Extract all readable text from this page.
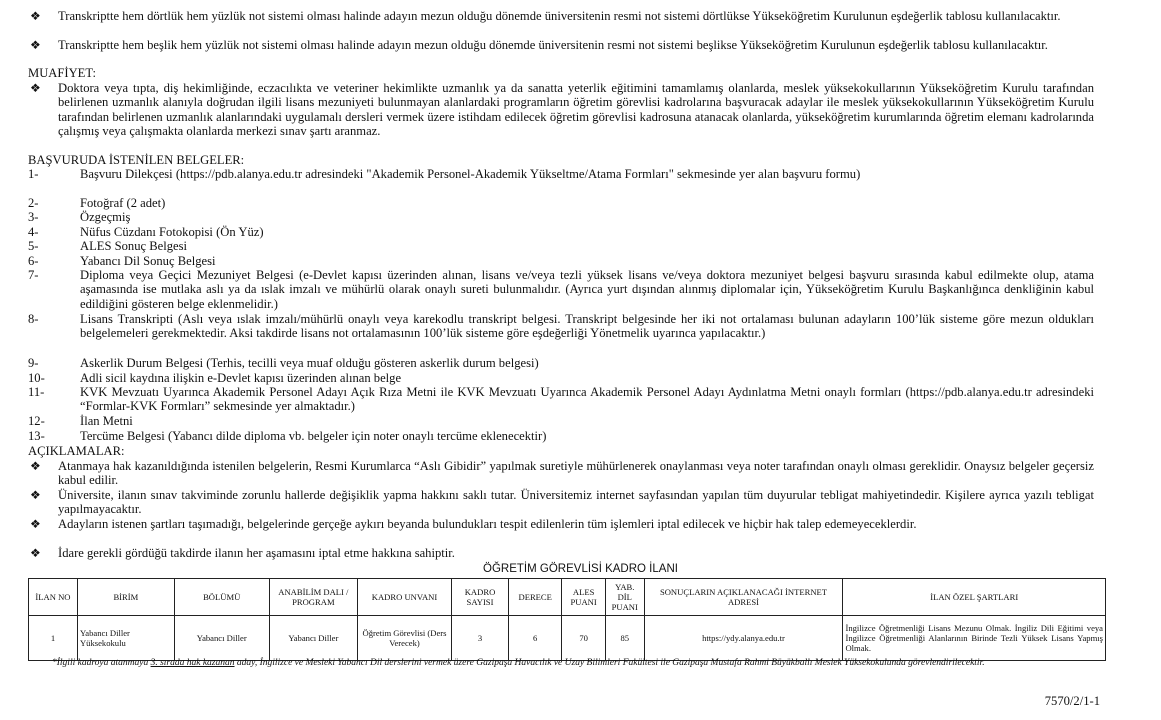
❖ Transkriptte hem dörtlük hem yüzlük not sistemi olması halinde adayın mezun olduğu dönemde üniversitenin resmi not sistemi dörtlükse Yükseköğretim Kurulunun eşdeğerlik tablosu kullanılacaktır.
❖ Transkriptte hem beşlik hem yüzlük not sistemi olması halinde adayın mezun olduğu dönemde üniversitenin resmi not sistemi beşlikse Yükseköğretim Kurulunun eşdeğerlik tablosu kullanılacaktır.
MUAFİYET:
❖ Doktora veya tıpta, diş hekimliğinde, eczacılıkta ve veteriner hekimlikte uzmanlık ya da sanatta yeterlik eğitimini tamamlamış olanlarda, meslek yüksekokullarının Yükseköğretim Kurulu tarafından belirlenen uzmanlık alanıyla doğrudan ilgili lisans mezuniyeti bulunmayan alanlardaki programların öğretim görevlisi kadrolarına başvuracak adaylar ile meslek yüksekokullarının Yükseköğretim Kurulu tarafından belirlenen uzmanlık alanlarındaki uygulamalı dersleri vermek üzere istihdam edilecek öğretim görevlisi kadrosuna atanacak olanlarda, yükseköğretim kurumlarında öğretim elemanı kadrolarında çalışmış veya çalışmakta olanlarda merkezi sınav şartı aranmaz.
BAŞVURUDA İSTENİLEN BELGELER:
1-	Başvuru Dilekçesi (https://pdb.alanya.edu.tr adresindeki "Akademik Personel-Akademik Yükseltme/Atama Formları" sekmesinde yer alan başvuru formu)
2-	Fotoğraf (2 adet)
3-	Özgeçmiş
4-	Nüfus Cüzdanı Fotokopisi (Ön Yüz)
5-	ALES Sonuç Belgesi
6-	Yabancı Dil Sonuç Belgesi
7-	Diploma veya Geçici Mezuniyet Belgesi (e-Devlet kapısı üzerinden alınan, lisans ve/veya tezli yüksek lisans ve/veya doktora mezuniyet belgesi başvuru sırasında kabul edilmekte olup, atama aşamasında ise mutlaka aslı ya da ıslak imzalı ve mühürlü olarak onaylı sureti bulunmalıdır. (Ayrıca yurt dışından alınmış diplomalar için, Yükseköğretim Kurulu Başkanlığınca denkliğinin kabul edildiğini gösteren belge eklenmelidir.)
8-	Lisans Transkripti (Aslı veya ıslak imzalı/mühürlü onaylı veya karekodlu transkript belgesi. Transkript belgesinde her iki not ortalaması bulunan adayların 100’lük sisteme göre mezun oldukları belgelemeleri gerekmektedir. Aksi takdirde lisans not ortalamasının 100’lük sisteme göre eşdeğerliği Yönetmelik uyarınca yapılacaktır.)
9-	Askerlik Durum Belgesi (Terhis, tecilli veya muaf olduğu gösteren askerlik durum belgesi)
10-	Adli sicil kaydına ilişkin e-Devlet kapısı üzerinden alınan belge
11-	KVK Mevzuatı Uyarınca Akademik Personel Adayı Açık Rıza Metni ile KVK Mevzuatı Uyarınca Akademik Personel Adayı Aydınlatma Metni onaylı formları (https://pdb.alanya.edu.tr adresindeki “Formlar-KVK Formları” sekmesinde yer almaktadır.)
12-	İlan Metni
13-	Tercüme Belgesi (Yabancı dilde diploma vb. belgeler için noter onaylı tercüme eklenecektir)
AÇIKLAMALAR:
❖ Atanmaya hak kazanıldığında istenilen belgelerin, Resmi Kurumlarca “Aslı Gibidir” yapılmak suretiyle mühürlenerek onaylanması veya noter tarafından onaylı olması gereklidir. Onaysız belgeler geçersiz kabul edilir.
❖ Üniversite, ilanın sınav takviminde zorunlu hallerde değişiklik yapma hakkını saklı tutar. Üniversitemiz internet sayfasından yapılan tüm duyurular tebligat mahiyetindedir. Kişilere ayrıca yazılı tebligat yapılmayacaktır.
❖ Adayların istenen şartları taşımadığı, belgelerinde gerçeğe aykırı beyanda bulundukları tespit edilenlerin tüm işlemleri iptal edilecek ve hiçbir hak talep edemeyeceklerdir.
❖ İdare gerekli gördüğü takdirde ilanın her aşamasını iptal etme hakkına sahiptir.
ÖĞRETİM GÖREVLİSİ KADRO İLANI
İLAN NO	BİRİM	BÖLÜMÜ	ANABİLİM DALI / PROGRAM	KADRO UNVANI	KADRO SAYISI	DERECE	ALES PUANI	YAB. DİL PUANI	SONUÇLARIN AÇIKLANACAĞI İNTERNET ADRESİ	İLAN ÖZEL ŞARTLARI
1	Yabancı Diller Yüksekokulu	Yabancı Diller	Yabancı Diller	Öğretim Görevlisi (Ders Verecek)	3	6	70	85	https://ydy.alanya.edu.tr	İngilizce Öğretmenliği Lisans Mezunu Olmak. İngiliz Dili Eğitimi veya İngilizce Öğretmenliği Alanlarının Birinde Tezli Yüksek Lisans Yapmış Olmak.
*İlgili kadroya atanmaya 3. sırada hak kazanan aday, İngilizce ve Mesleki Yabancı Dil derslerini vermek üzere Gazipaşa Havacılık ve Uzay Bilimleri Fakültesi ile Gazipaşa Mustafa Rahmi Büyükballı Meslek Yüksekokulunda görevlendirilecektir.
7570/2/1-1
